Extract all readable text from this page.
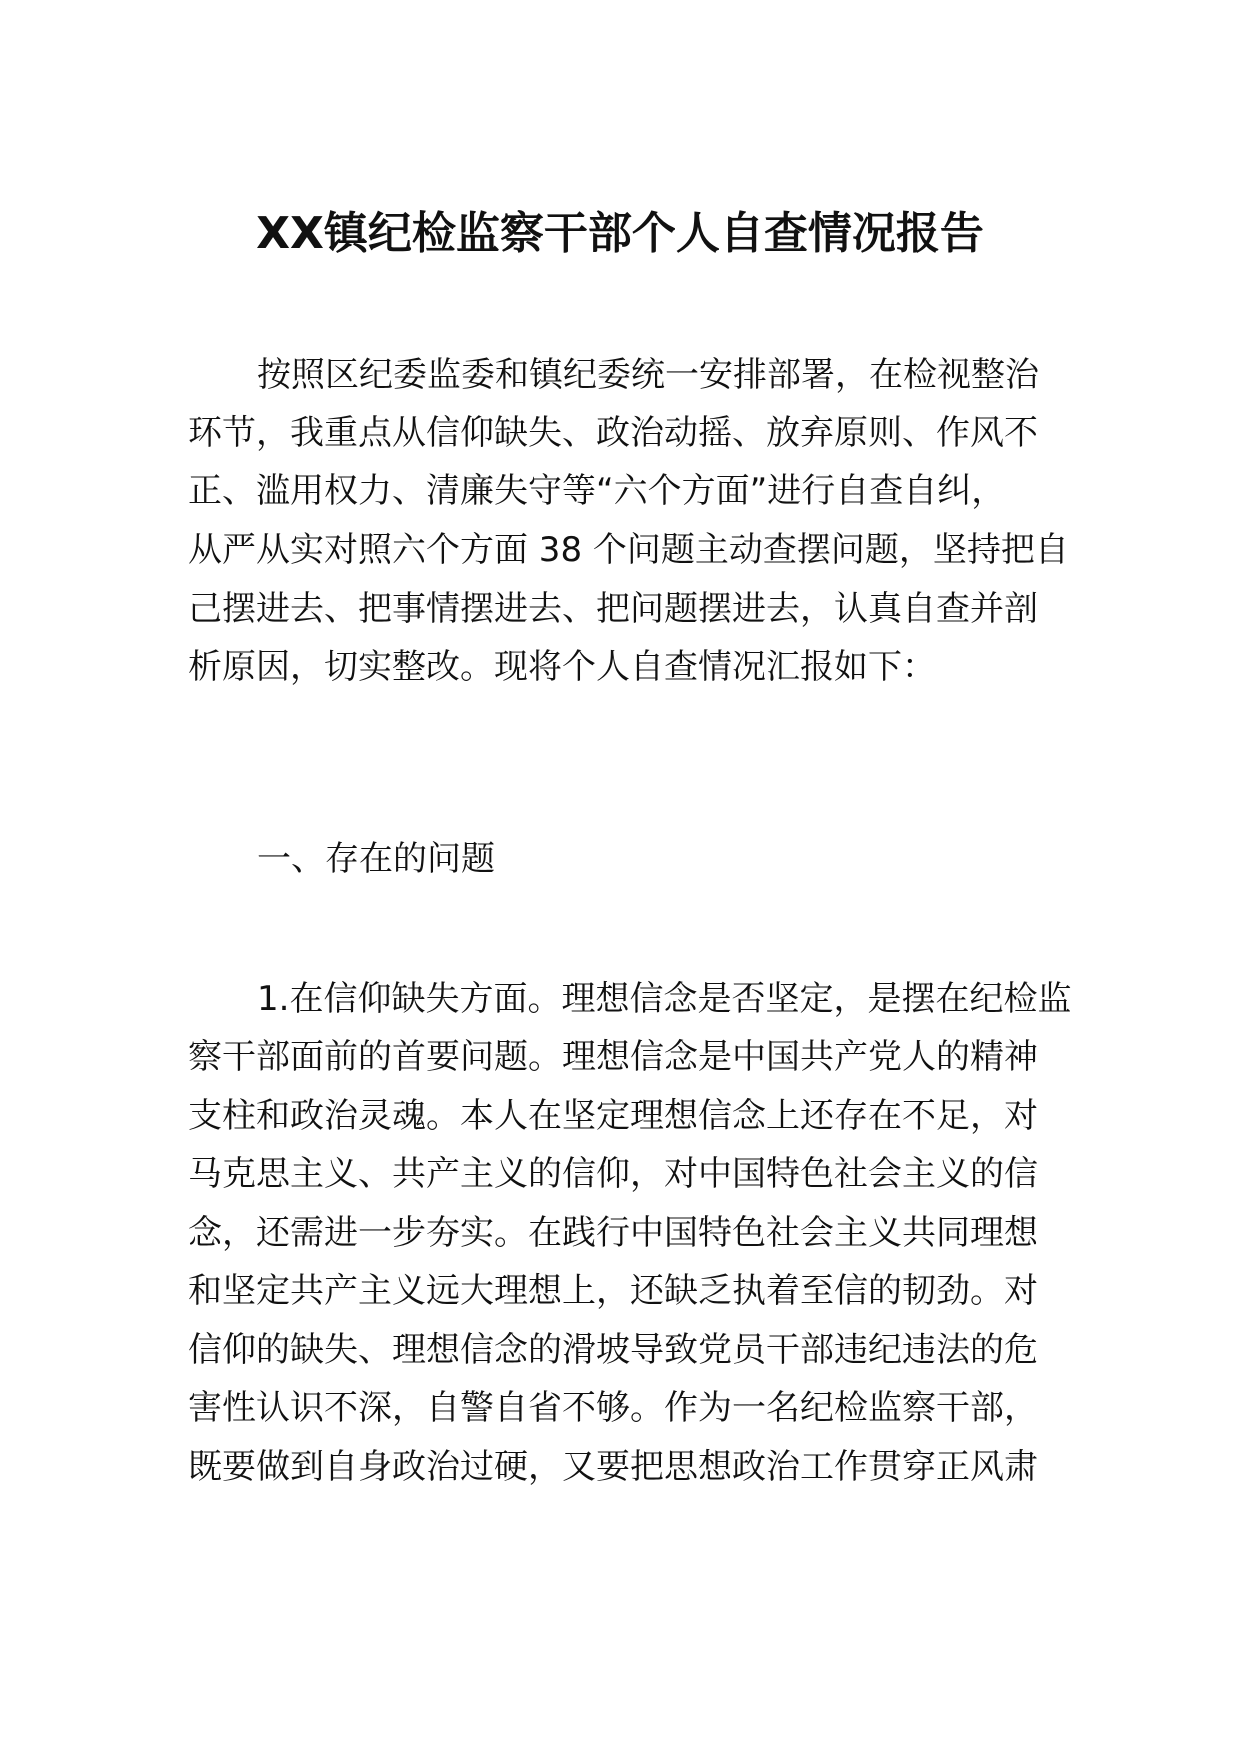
XX镇纪检监察干部个人自查情况报告

按照区纪委监委和镇纪委统一安排部署，在检视整治

环节，我重点从信仰缺失、政治动摇、放弃原则、作风不

正、滥用权力、清廉失守等“六个方面”进行自查自纠，

从严从实对照六个方面 38 个问题主动查摆问题，坚持把自

己摆进去、把事情摆进去、把问题摆进去，认真自查并剖

析原因，切实整改。现将个人自查情况汇报如下：

一、存在的问题

1.在信仰缺失方面。理想信念是否坚定，是摆在纪检监

察干部面前的首要问题。理想信念是中国共产党人的精神

支柱和政治灵魂。本人在坚定理想信念上还存在不足，对

马克思主义、共产主义的信仰，对中国特色社会主义的信

念，还需进一步夯实。在践行中国特色社会主义共同理想

和坚定共产主义远大理想上，还缺乏执着至信的韧劲。对

信仰的缺失、理想信念的滑坡导致党员干部违纪违法的危

害性认识不深，自警自省不够。作为一名纪检监察干部，

既要做到自身政治过硬，又要把思想政治工作贯穿正风肃
